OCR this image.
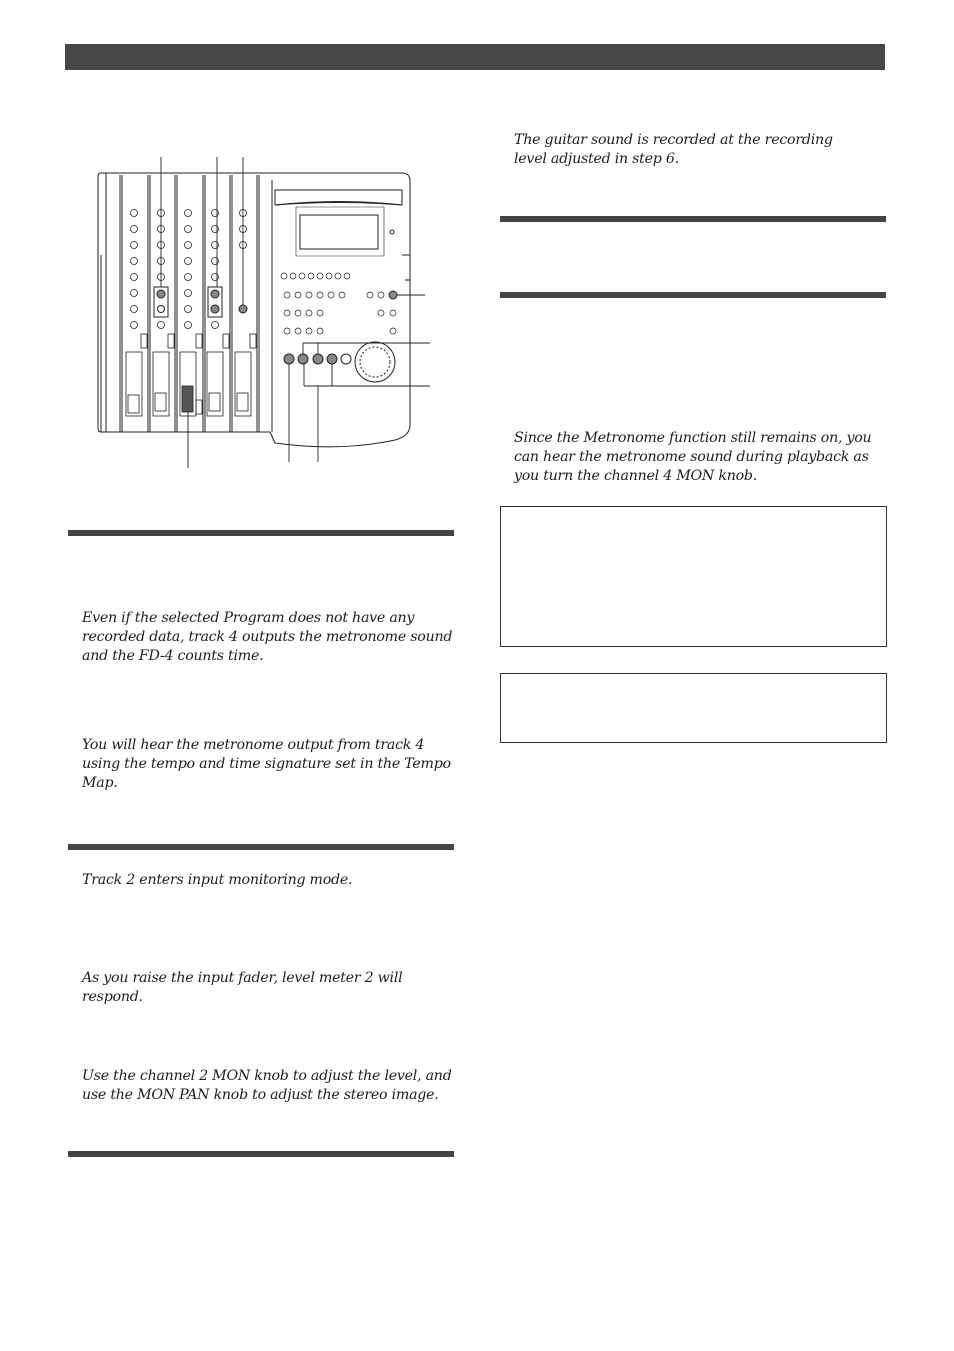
The guitar sound is recorded at the recording level adjusted in step 6.

Since the Metronome function still remains on, you can hear the metronome sound during playback as you turn the channel 4 MON knob.

Even if the selected Program does not have any recorded data, track 4 outputs the metronome sound and the FD-4 counts time.

You will hear the metronome output from track 4 using the tempo and time signature set in the Tempo Map.

Track 2 enters input monitoring mode.

As you raise the input fader, level meter 2 will respond.

Use the channel 2 MON knob to adjust the level, and use the MON PAN knob to adjust the stereo image.
